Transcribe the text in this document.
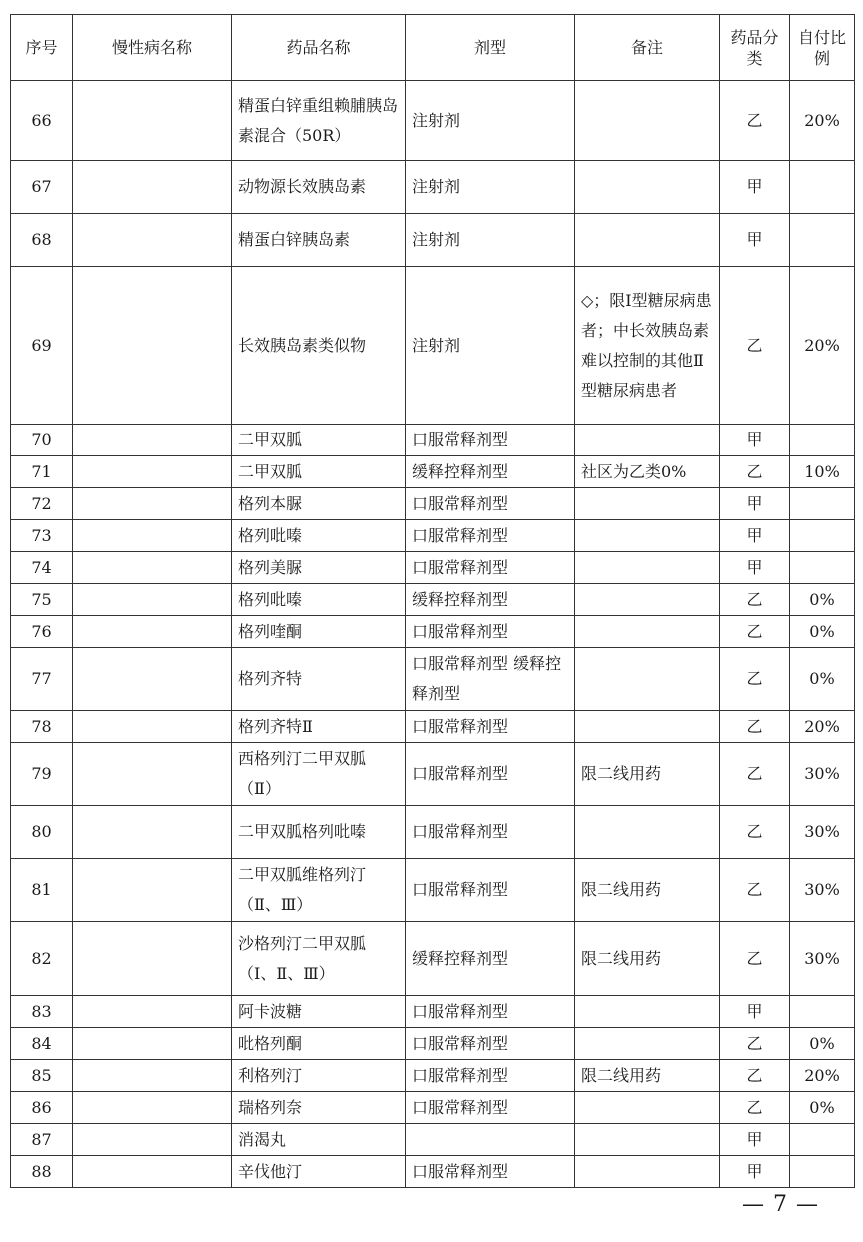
序号	慢性病名称	药品名称	剂型	备注	药品分类	自付比例
66		精蛋白锌重组赖脯胰岛素混合（50R）	注射剂		乙	20%
67		动物源长效胰岛素	注射剂		甲	
68		精蛋白锌胰岛素	注射剂		甲	
69		长效胰岛素类似物	注射剂	◇；限Ⅰ型糖尿病患者；中长效胰岛素难以控制的其他Ⅱ型糖尿病患者	乙	20%
70		二甲双胍	口服常释剂型		甲	
71		二甲双胍	缓释控释剂型	社区为乙类0%	乙	10%
72		格列本脲	口服常释剂型		甲	
73		格列吡嗪	口服常释剂型		甲	
74		格列美脲	口服常释剂型		甲	
75		格列吡嗪	缓释控释剂型		乙	0%
76		格列喹酮	口服常释剂型		乙	0%
77		格列齐特	口服常释剂型 缓释控释剂型		乙	0%
78		格列齐特Ⅱ	口服常释剂型		乙	20%
79		西格列汀二甲双胍（Ⅱ）	口服常释剂型	限二线用药	乙	30%
80		二甲双胍格列吡嗪	口服常释剂型		乙	30%
81		二甲双胍维格列汀（Ⅱ、Ⅲ）	口服常释剂型	限二线用药	乙	30%
82		沙格列汀二甲双胍（Ⅰ、Ⅱ、Ⅲ）	缓释控释剂型	限二线用药	乙	30%
83		阿卡波糖	口服常释剂型		甲	
84		吡格列酮	口服常释剂型		乙	0%
85		利格列汀	口服常释剂型	限二线用药	乙	20%
86		瑞格列奈	口服常释剂型		乙	0%
87		消渴丸			甲	
88		辛伐他汀	口服常释剂型		甲	
— 7 —
